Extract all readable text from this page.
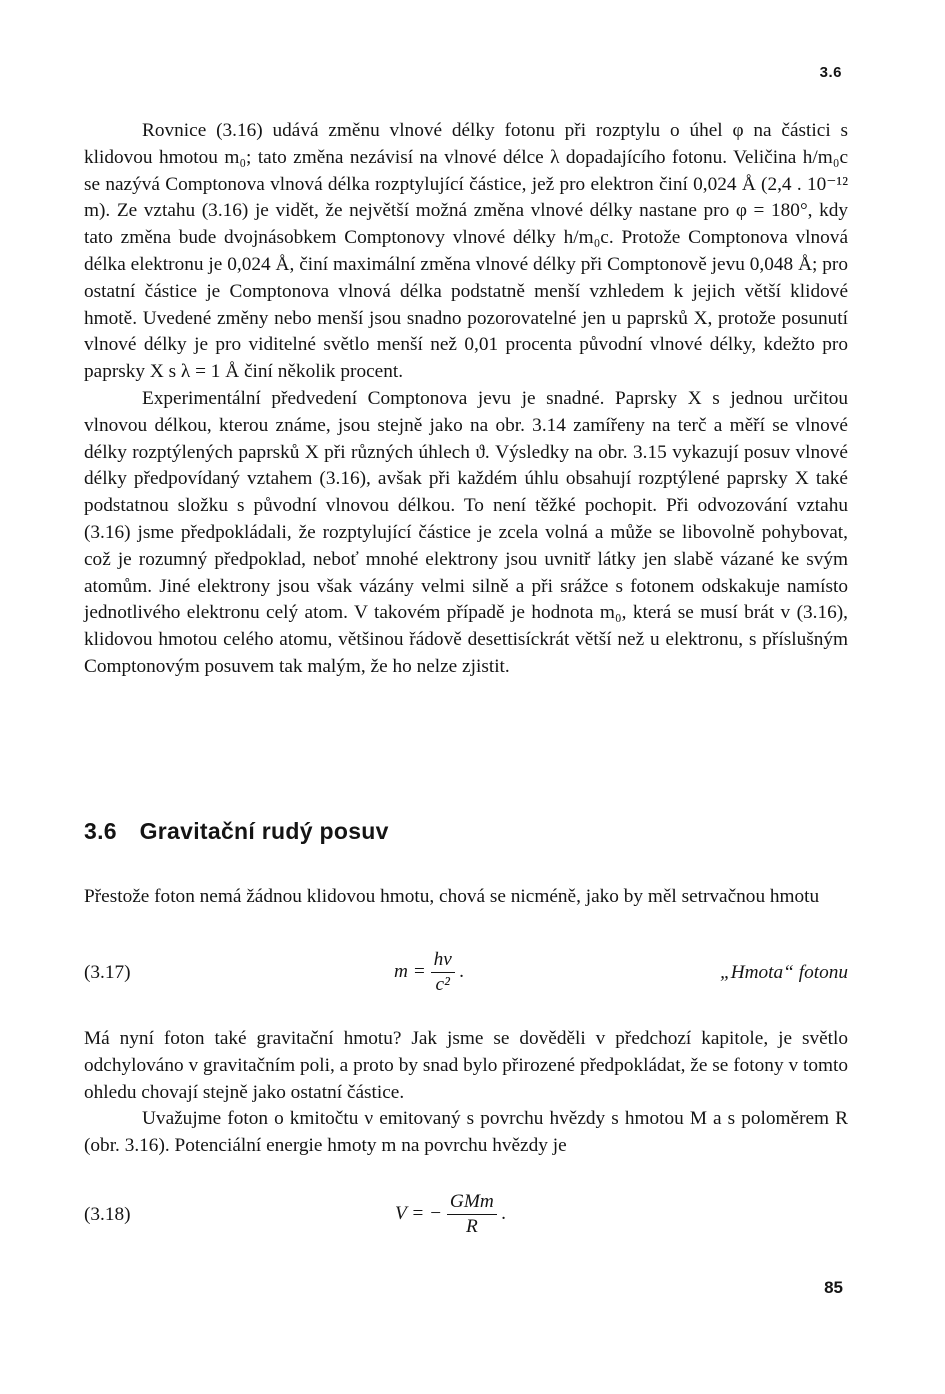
3.6

Rovnice (3.16) udává změnu vlnové délky fotonu při rozptylu o úhel φ na částici s klidovou hmotou m₀; tato změna nezávisí na vlnové délce λ dopadajícího fotonu. Veličina h/m₀c se nazývá Comptonova vlnová délka rozptylující částice, jež pro elektron činí 0,024 Å (2,4 . 10⁻¹² m). Ze vztahu (3.16) je vidět, že největší možná změna vlnové délky nastane pro φ = 180°, kdy tato změna bude dvojnásobkem Comptonovy vlnové délky h/m₀c. Protože Comptonova vlnová délka elektronu je 0,024 Å, činí maximální změna vlnové délky při Comptonově jevu 0,048 Å; pro ostatní částice je Comptonova vlnová délka podstatně menší vzhledem k jejich větší klidové hmotě. Uvedené změny nebo menší jsou snadno pozorovatelné jen u paprsků X, protože posunutí vlnové délky je pro viditelné světlo menší než 0,01 procenta původní vlnové délky, kdežto pro paprsky X s λ = 1 Å činí několik procent.

Experimentální předvedení Comptonova jevu je snadné. Paprsky X s jednou určitou vlnovou délkou, kterou známe, jsou stejně jako na obr. 3.14 zamířeny na terč a měří se vlnové délky rozptýlených paprsků X při různých úhlech ϑ. Výsledky na obr. 3.15 vykazují posuv vlnové délky předpovídaný vztahem (3.16), avšak při každém úhlu obsahují rozptýlené paprsky X také podstatnou složku s původní vlnovou délkou. To není těžké pochopit. Při odvozování vztahu (3.16) jsme předpokládali, že rozptylující částice je zcela volná a může se libovolně pohybovat, což je rozumný předpoklad, neboť mnohé elektrony jsou uvnitř látky jen slabě vázané ke svým atomům. Jiné elektrony jsou však vázány velmi silně a při srážce s fotonem odskakuje namísto jednotlivého elektronu celý atom. V takovém případě je hodnota m₀, která se musí brát v (3.16), klidovou hmotou celého atomu, většinou řádově desettisíckrát větší než u elektronu, s příslušným Comptonovým posuvem tak malým, že ho nelze zjistit.

3.6 Gravitační rudý posuv

Přestože foton nemá žádnou klidovou hmotu, chová se nicméně, jako by měl setrvačnou hmotu

(3.17)	$m = \frac{h\nu}{\text{c²}}$ .	„Hmota“ fotonu

Má nyní foton také gravitační hmotu? Jak jsme se dověděli v předchozí kapitole, je světlo odchylováno v gravitačním poli, a proto by snad bylo přirozené předpokládat, že se fotony v tomto ohledu chovají stejně jako ostatní částice.

Uvažujme foton o kmitočtu ν emitovaný s povrchu hvězdy s hmotou M a s poloměrem R (obr. 3.16). Potenciální energie hmoty m na povrchu hvězdy je

(3.18)	V = − $\frac{\text{GMm}}{R}$ .
85
